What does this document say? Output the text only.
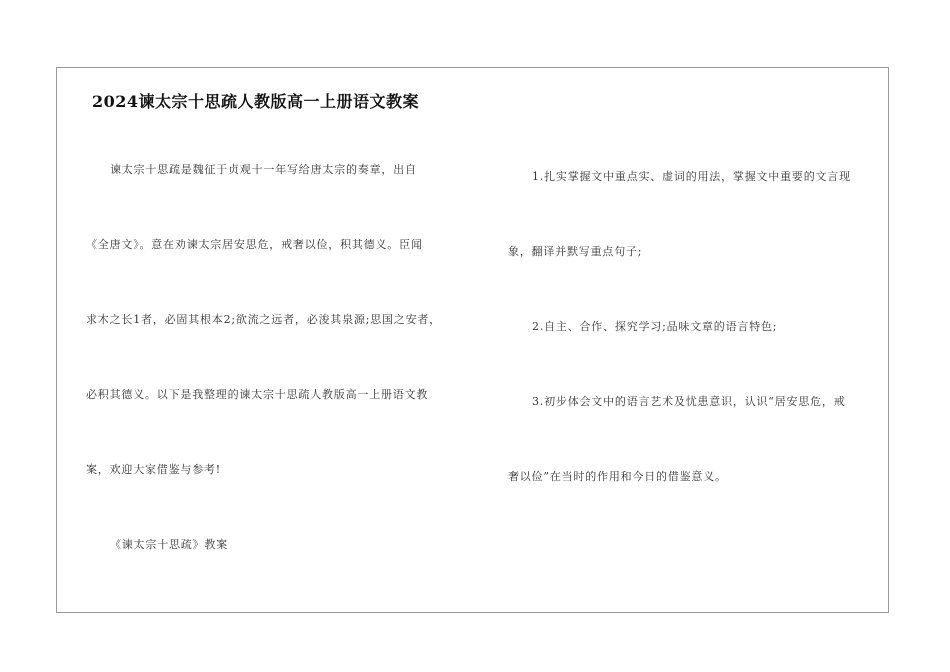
2024谏太宗十思疏人教版高一上册语文教案
谏太宗十思疏是魏征于贞观十一年写给唐太宗的奏章，出自
《全唐文》。意在劝谏太宗居安思危，戒奢以俭，积其德义。臣闻
求木之长1者，必固其根本2;欲流之远者，必浚其泉源;思国之安者，
必积其德义。以下是我整理的谏太宗十思疏人教版高一上册语文教
案，欢迎大家借鉴与参考!
《谏太宗十思疏》教案
1.扎实掌握文中重点实、虚词的用法，掌握文中重要的文言现
象，翻译并默写重点句子;
2.自主、合作、探究学习;品味文章的语言特色;
3.初步体会文中的语言艺术及忧患意识，认识“居安思危，戒
奢以俭”在当时的作用和今日的借鉴意义。
